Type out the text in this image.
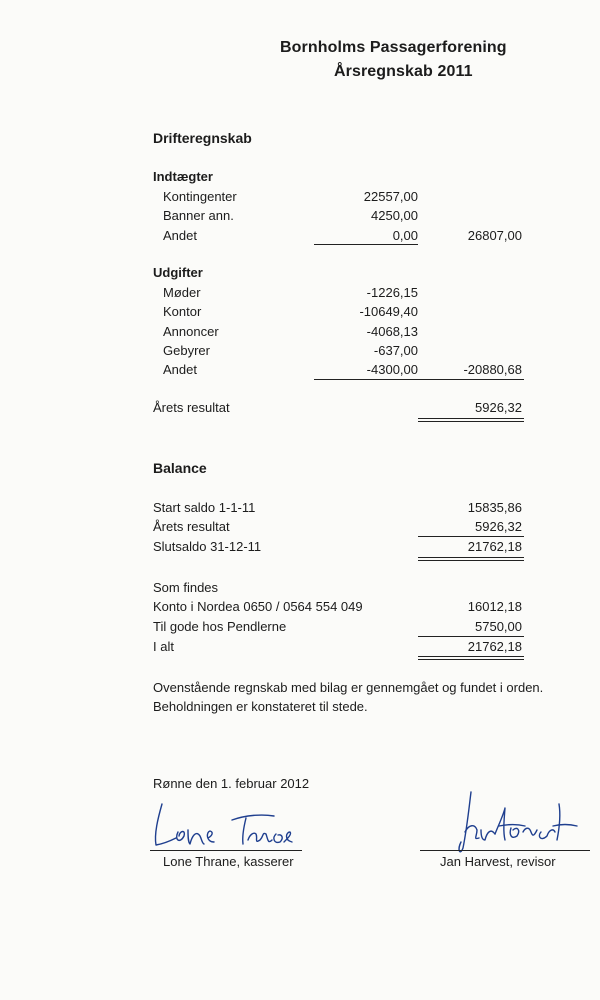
Bornholms Passagerforening
Årsregnskab 2011
Drifteregnskab
Indtægter
Kontingenter	22557,00
Banner ann.	4250,00
Andet	0,00	26807,00
Udgifter
Møder	-1226,15
Kontor	-10649,40
Annoncer	-4068,13
Gebyrer	-637,00
Andet	-4300,00	-20880,68
Årets resultat	5926,32
Balance
Start saldo 1-1-11	15835,86
Årets resultat	5926,32
Slutsaldo 31-12-11	21762,18
Som findes
Konto i Nordea 0650 / 0564 554 049	16012,18
Til gode hos Pendlerne	5750,00
I alt	21762,18
Ovenstående regnskab med bilag er gennemgået og fundet i orden.
Beholdningen er konstateret til stede.
Rønne den 1. februar 2012
Lone Thrane, kasserer	Jan Harvest, revisor
